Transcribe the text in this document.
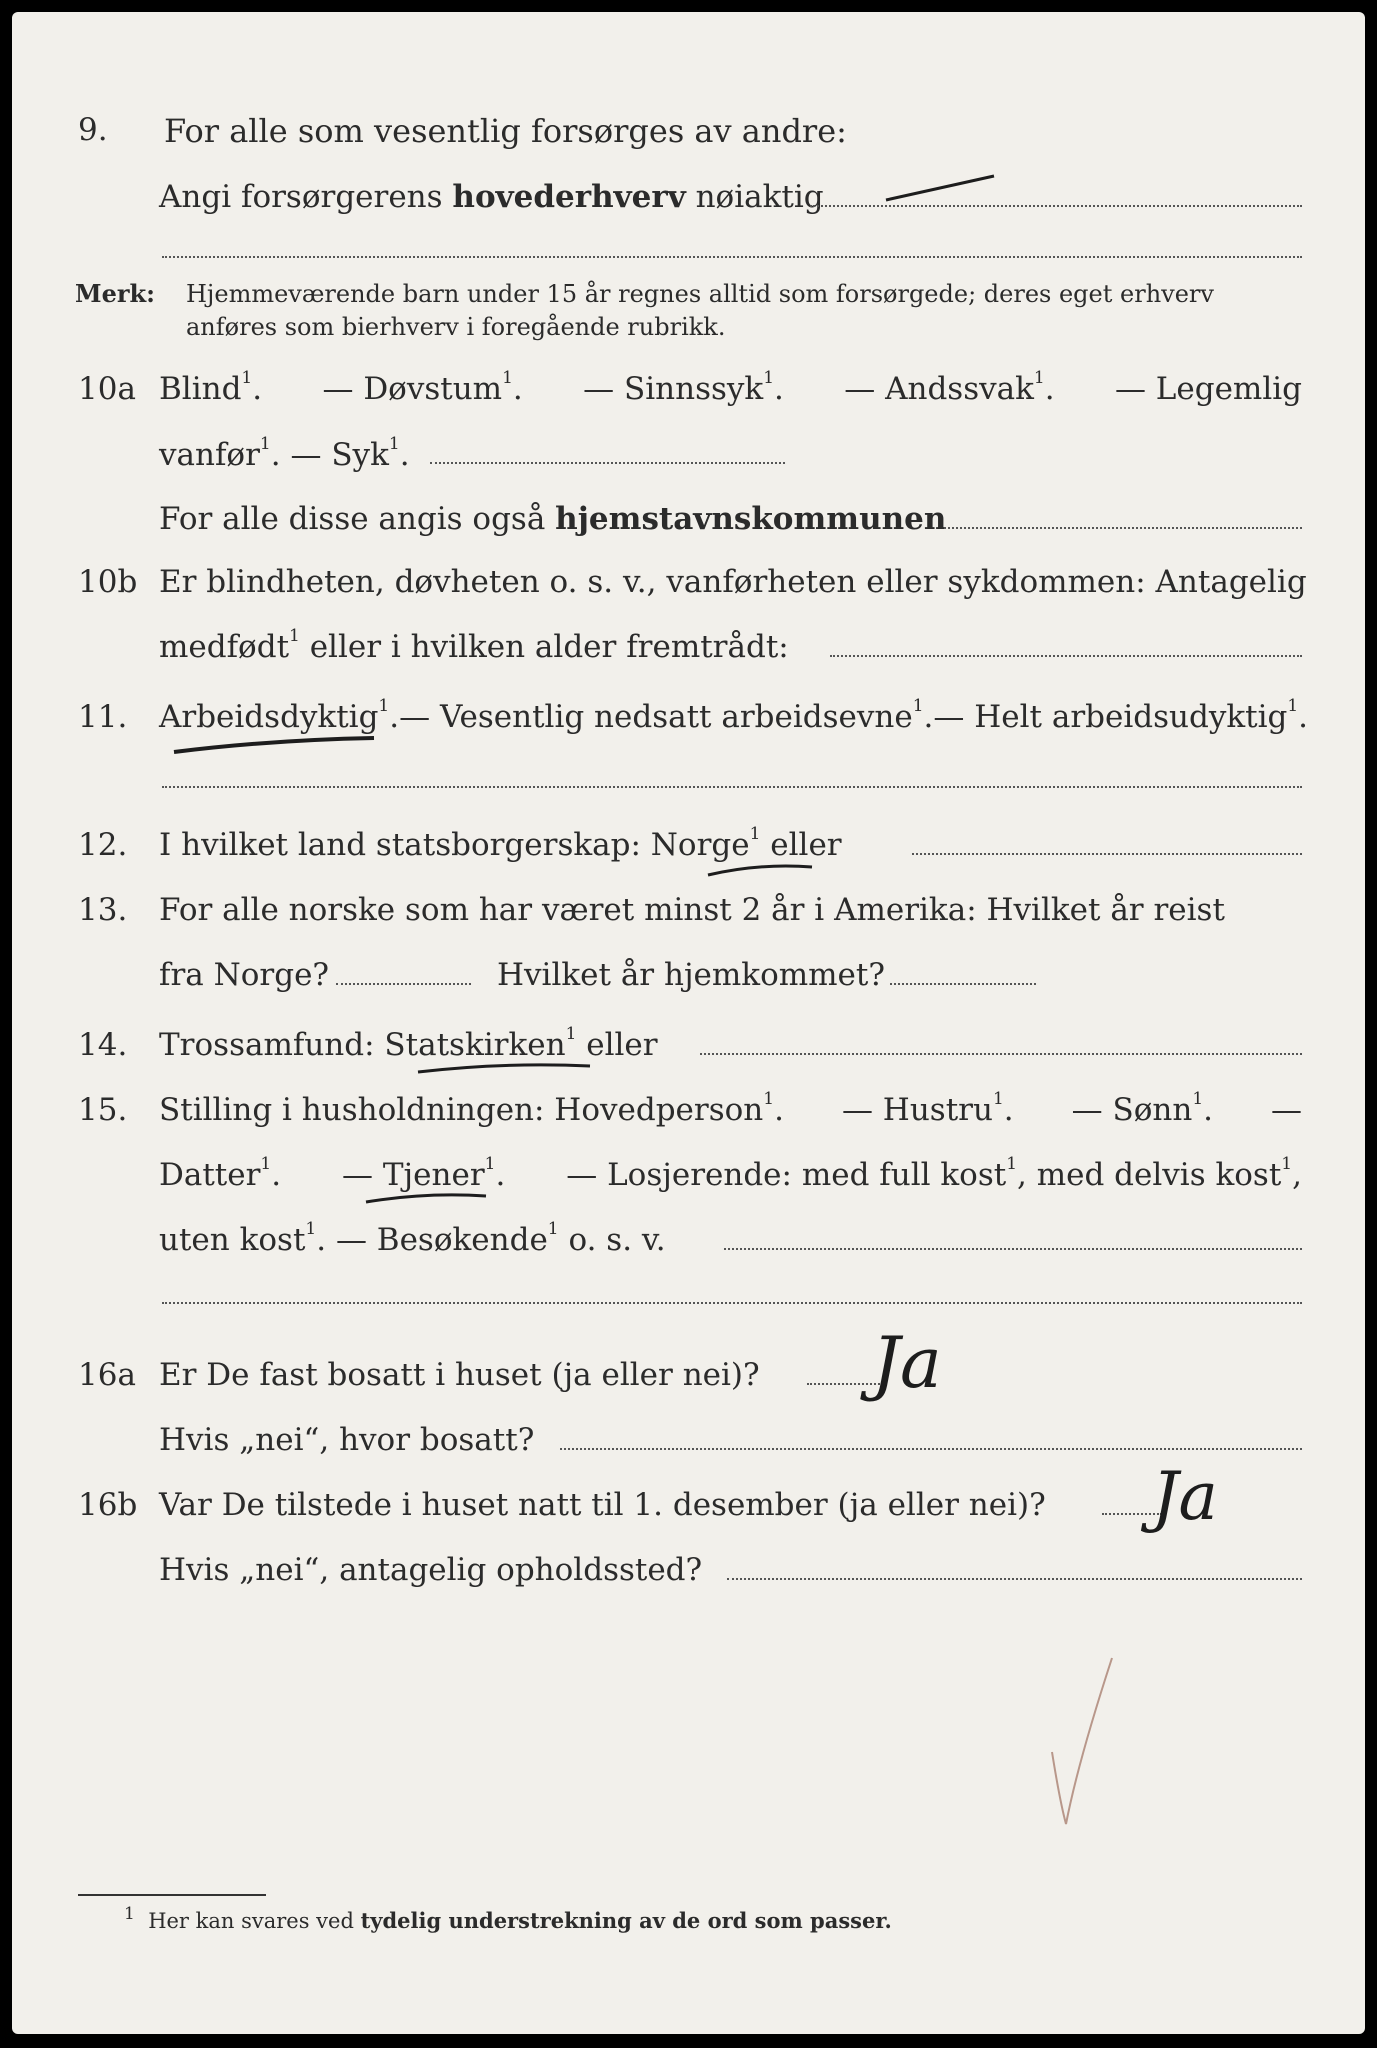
9. For alle som vesentlig forsørges av andre:
Angi forsørgerens hovederhverv nøiaktig
Merk: Hjemmeværende barn under 15 år regnes alltid som forsørgede; deres eget erhverv
anføres som bierhverv i foregående rubrikk.
10a Blind$^1$. — Døvstum$^1$. — Sinnssyk$^1$. — Andssvak$^1$. — Legemlig
vanfør$^1$. — Syk$^1$.
For alle disse angis også hjemstavnskommunen
10b Er blindheten, døvheten o. s. v., vanførheten eller sykdommen: Antagelig
medfødt$^1$ eller i hvilken alder fremtrådt:
11. Arbeidsdyktig$^1$. — Vesentlig nedsatt arbeidsevne$^1$. — Helt arbeidsudyktig$^1$.
12. I hvilket land statsborgerskap: Norge$^1$ eller
13. For alle norske som har været minst 2 år i Amerika: Hvilket år reist
fra Norge?	Hvilket år hjemkommet?
14. Trossamfund: Statskirken$^1$ eller
15. Stilling i husholdningen: Hovedperson$^1$. — Hustru$^1$. — Sønn$^1$. —
Datter$^1$. — Tjener$^1$. — Losjerende: med full kost$^1$, med delvis kost$^1$,
uten kost$^1$. — Besøkende$^1$ o. s. v.
16a Er De fast bosatt i huset (ja eller nei)? Ja
Hvis „nei“, hvor bosatt?
16b Var De tilstede i huset natt til 1. desember (ja eller nei)? Ja
Hvis „nei“, antagelig opholdssted?
$^1$ Her kan svares ved tydelig understrekning av de ord som passer.
